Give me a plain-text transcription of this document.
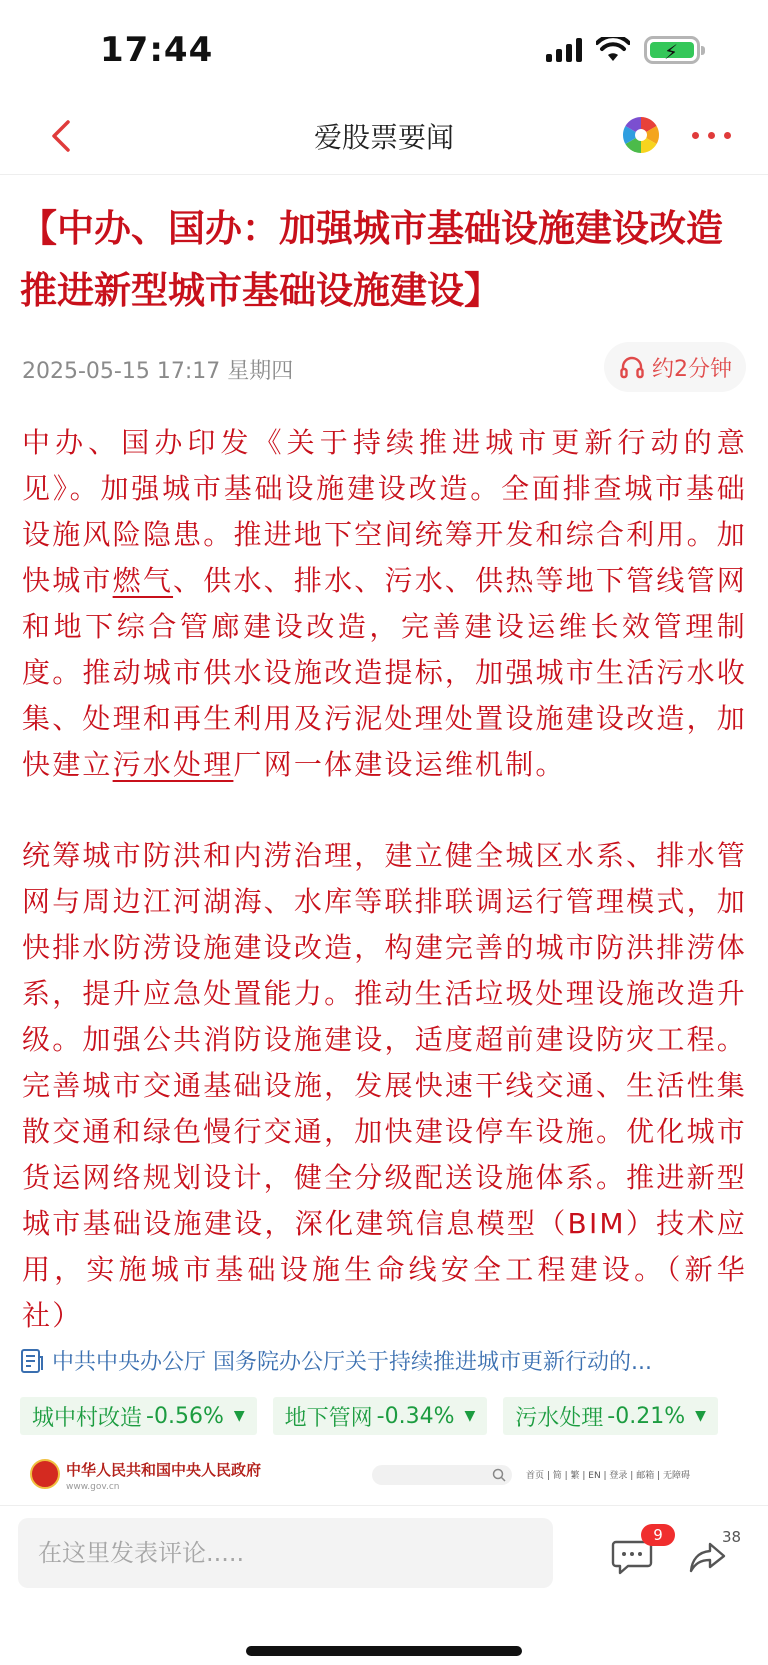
17:44	⚡
爱股票要闻
【中办、国办：加强城市基础设施建设改造 推进新型城市基础设施建设】
2025-05-15 17:17 星期四	约2分钟
中办、国办印发《关于持续推进城市更新行动的意见》。加强城市基础设施建设改造。全面排查城市基础设施风险隐患。推进地下空间统筹开发和综合利用。加快城市燃气、供水、排水、污水、供热等地下管线管网和地下综合管廊建设改造，完善建设运维长效管理制度。推动城市供水设施改造提标，加强城市生活污水收集、处理和再生利用及污泥处理处置设施建设改造，加快建立污水处理厂网一体建设运维机制。
统筹城市防洪和内涝治理，建立健全城区水系、排水管网与周边江河湖海、水库等联排联调运行管理模式，加快排水防涝设施建设改造，构建完善的城市防洪排涝体系，提升应急处置能力。推动生活垃圾处理设施改造升级。加强公共消防设施建设，适度超前建设防灾工程。完善城市交通基础设施，发展快速干线交通、生活性集散交通和绿色慢行交通，加快建设停车设施。优化城市货运网络规划设计，健全分级配送设施体系。推进新型城市基础设施建设，深化建筑信息模型（BIM）技术应用，实施城市基础设施生命线安全工程建设。（新华社）
中共中央办公厅 国务院办公厅关于持续推进城市更新行动的...
城中村改造 -0.56% ▼ 地下管网 -0.34% ▼ 污水处理 -0.21% ▼
中华人民共和国中央人民政府
www.gov.cn
首页 | 简 | 繁 | EN | 登录 | 邮箱 | 无障碍
在这里发表评论.....
9	38
